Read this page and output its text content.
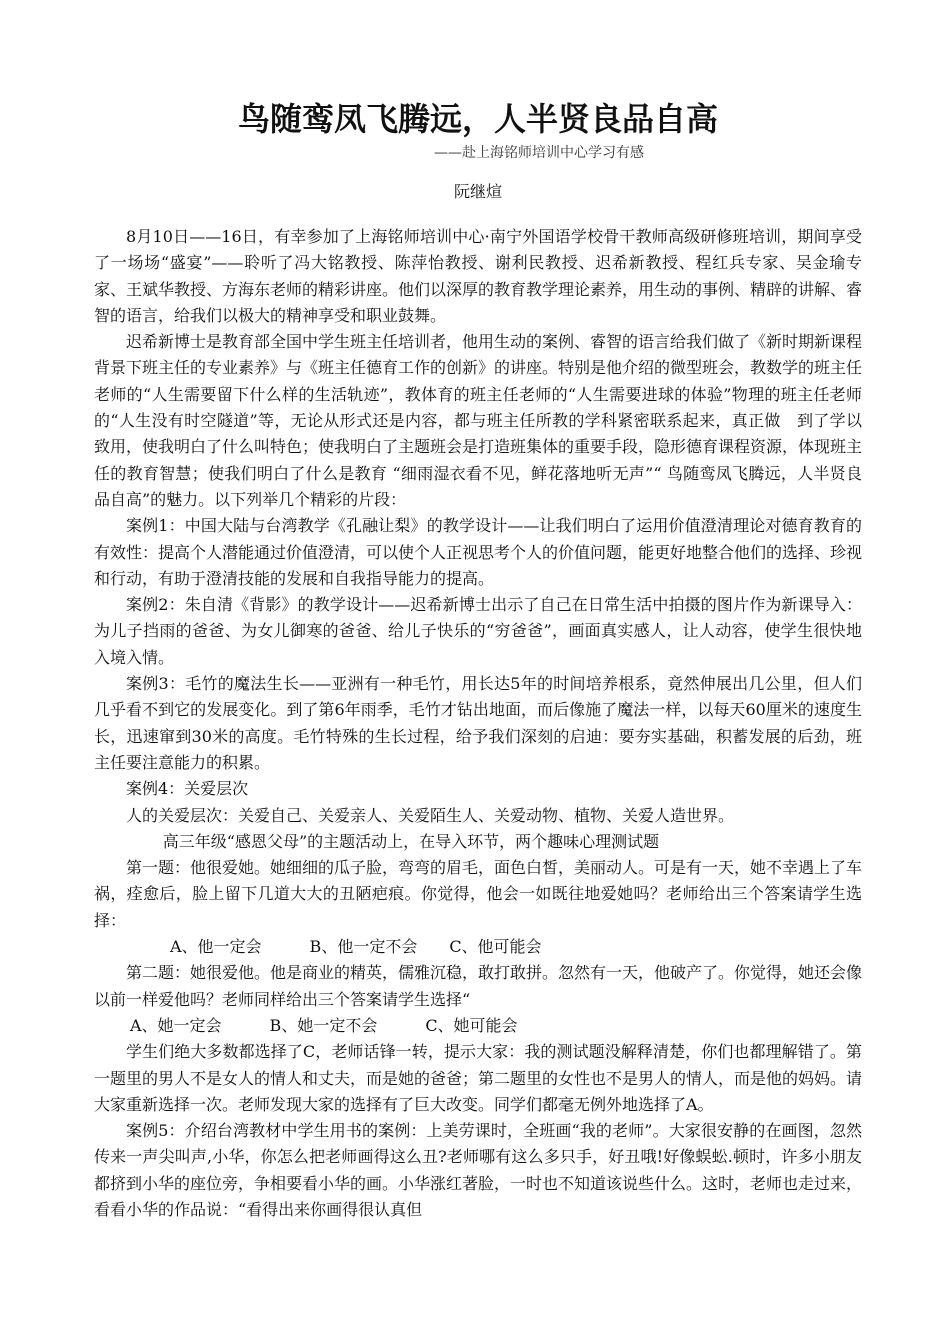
鸟随鸾凤飞腾远，人半贤良品自高

——赴上海铭师培训中心学习有感

阮继煊

8月10日——16日，有幸参加了上海铭师培训中心·南宁外国语学校骨干教师高级研修班培训，期间享受了一场场“盛宴”——聆听了冯大铭教授、陈萍怡教授、谢利民教授、迟希新教授、程红兵专家、吴金瑜专家、王斌华教授、方海东老师的精彩讲座。他们以深厚的教育教学理论素养，用生动的事例、精辟的讲解、睿智的语言，给我们以极大的精神享受和职业鼓舞。

迟希新博士是教育部全国中学生班主任培训者，他用生动的案例、睿智的语言给我们做了《新时期新课程背景下班主任的专业素养》与《班主任德育工作的创新》的讲座。特别是他介绍的微型班会，教数学的班主任老师的“人生需要留下什么样的生活轨迹”，教体育的班主任老师的“人生需要进球的体验”物理的班主任老师的“人生没有时空隧道”等，无论从形式还是内容，都与班主任所教的学科紧密联系起来，真正做　到了学以致用，使我明白了什么叫特色；使我明白了主题班会是打造班集体的重要手段，隐形德育课程资源，体现班主任的教育智慧；使我们明白了什么是教育 “细雨湿衣看不见，鲜花落地听无声”“ 鸟随鸾凤飞腾远，人半贤良品自高”的魅力。以下列举几个精彩的片段：

案例1：中国大陆与台湾教学《孔融让梨》的教学设计——让我们明白了运用价值澄清理论对德育教育的有效性：提高个人潜能通过价值澄清，可以使个人正视思考个人的价值问题，能更好地整合他们的选择、珍视和行动，有助于澄清技能的发展和自我指导能力的提高。

案例2：朱自清《背影》的教学设计——迟希新博士出示了自己在日常生活中拍摄的图片作为新课导入：为儿子挡雨的爸爸、为女儿御寒的爸爸、给儿子快乐的“穷爸爸”，画面真实感人，让人动容，使学生很快地入境入情。

案例3：毛竹的魔法生长——亚洲有一种毛竹，用长达5年的时间培养根系，竟然伸展出几公里，但人们几乎看不到它的发展变化。到了第6年雨季，毛竹才钻出地面，而后像施了魔法一样，以每天60厘米的速度生长，迅速窜到30米的高度。毛竹特殊的生长过程，给予我们深刻的启迪：要夯实基础，积蓄发展的后劲，班主任要注意能力的积累。

案例4：关爱层次

人的关爱层次：关爱自己、关爱亲人、关爱陌生人、关爱动物、植物、关爱人造世界。

高三年级“感恩父母”的主题活动上，在导入环节，两个趣味心理测试题

第一题：他很爱她。她细细的瓜子脸，弯弯的眉毛，面色白皙，美丽动人。可是有一天，她不幸遇上了车祸，痊愈后，脸上留下几道大大的丑陋疤痕。你觉得，他会一如既往地爱她吗？老师给出三个答案请学生选择：

A、他一定会　　　B、他一定不会　　C、他可能会

第二题：她很爱他。他是商业的精英，儒雅沉稳，敢打敢拼。忽然有一天，他破产了。你觉得，她还会像以前一样爱他吗？老师同样给出三个答案请学生选择“

A、她一定会　　　B、她一定不会　　　C、她可能会

学生们绝大多数都选择了C，老师话锋一转，提示大家：我的测试题没解释清楚，你们也都理解错了。第一题里的男人不是女人的情人和丈夫，而是她的爸爸；第二题里的女性也不是男人的情人，而是他的妈妈。请大家重新选择一次。老师发现大家的选择有了巨大改变。同学们都毫无例外地选择了A。

案例5：介绍台湾教材中学生用书的案例：上美劳课时，全班画“我的老师”。大家很安静的在画图，忽然传来一声尖叫声,小华，你怎么把老师画得这么丑?老师哪有这么多只手，好丑哦!好像蜈蚣.顿时，许多小朋友都挤到小华的座位旁，争相要看小华的画。小华涨红著脸，一时也不知道该说些什么。这时，老师也走过来，看看小华的作品说：“看得出来你画得很认真但
